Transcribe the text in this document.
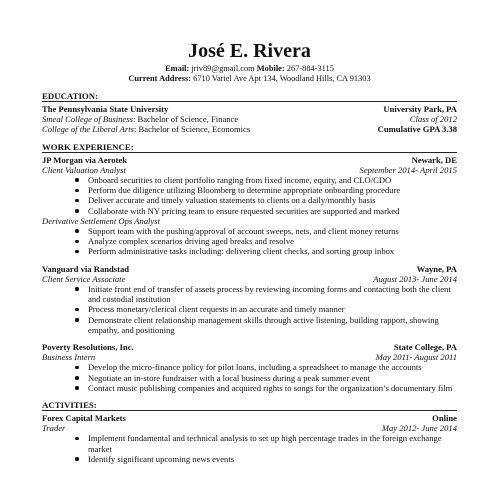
José E. Rivera
Email: jriv89@gmail.com Mobile: 267-884-3115
Current Address: 6710 Variel Ave Apt 134, Woodland Hills, CA 91303
EDUCATION:
The Pennsylvania State University	University Park, PA
Smeal College of Business: Bachelor of Science, Finance	Class of 2012
College of the Liberal Arts: Bachelor of Science, Economics	Cumulative GPA 3.38
WORK EXPERIENCE:
JP Morgan via Aerotek	Newark, DE
Client Valuation Analyst	September 2014- April 2015
Onboard securities to client portfolio ranging from fixed income, equity, and CLO/CDO
Perform due diligence utilizing Bloomberg to determine appropriate onboarding procedure
Deliver accurate and timely valuation statements to clients on a daily/monthly basis
Collaborate with NY pricing team to ensure requested securities are supported and marked
Derivative Settlement Ops Analyst
Support team with the pushing/approval of account sweeps, nets, and client money returns
Analyze complex scenarios driving aged breaks and resolve
Perform administrative tasks including: delivering client checks, and sorting group inbox
Vanguard via Randstad	Wayne, PA
Client Service Associate	August 2013- June 2014
Initiate front end of transfer of assets process by reviewing incoming forms and contacting both the client and custodial institution
Process monetary/clerical client requests in an accurate and timely manner
Demonstrate client relationship management skills through active listening, building rapport, showing empathy, and positioning
Poverty Resolutions, Inc.	State College, PA
Business Intern	May 2011- August 2011
Develop the micro-finance policy for pilot loans, including a spreadsheet to manage the accounts
Negotiate an in-store fundraiser with a local business during a peak summer event
Contact music publishing companies and acquired rights to songs for the organization’s documentary film
ACTIVITIES:
Forex Capital Markets	Online
Trader	May 2012- June 2014
Implement fundamental and technical analysis to set up high percentage trades in the foreign exchange market
Identify significant upcoming news events
